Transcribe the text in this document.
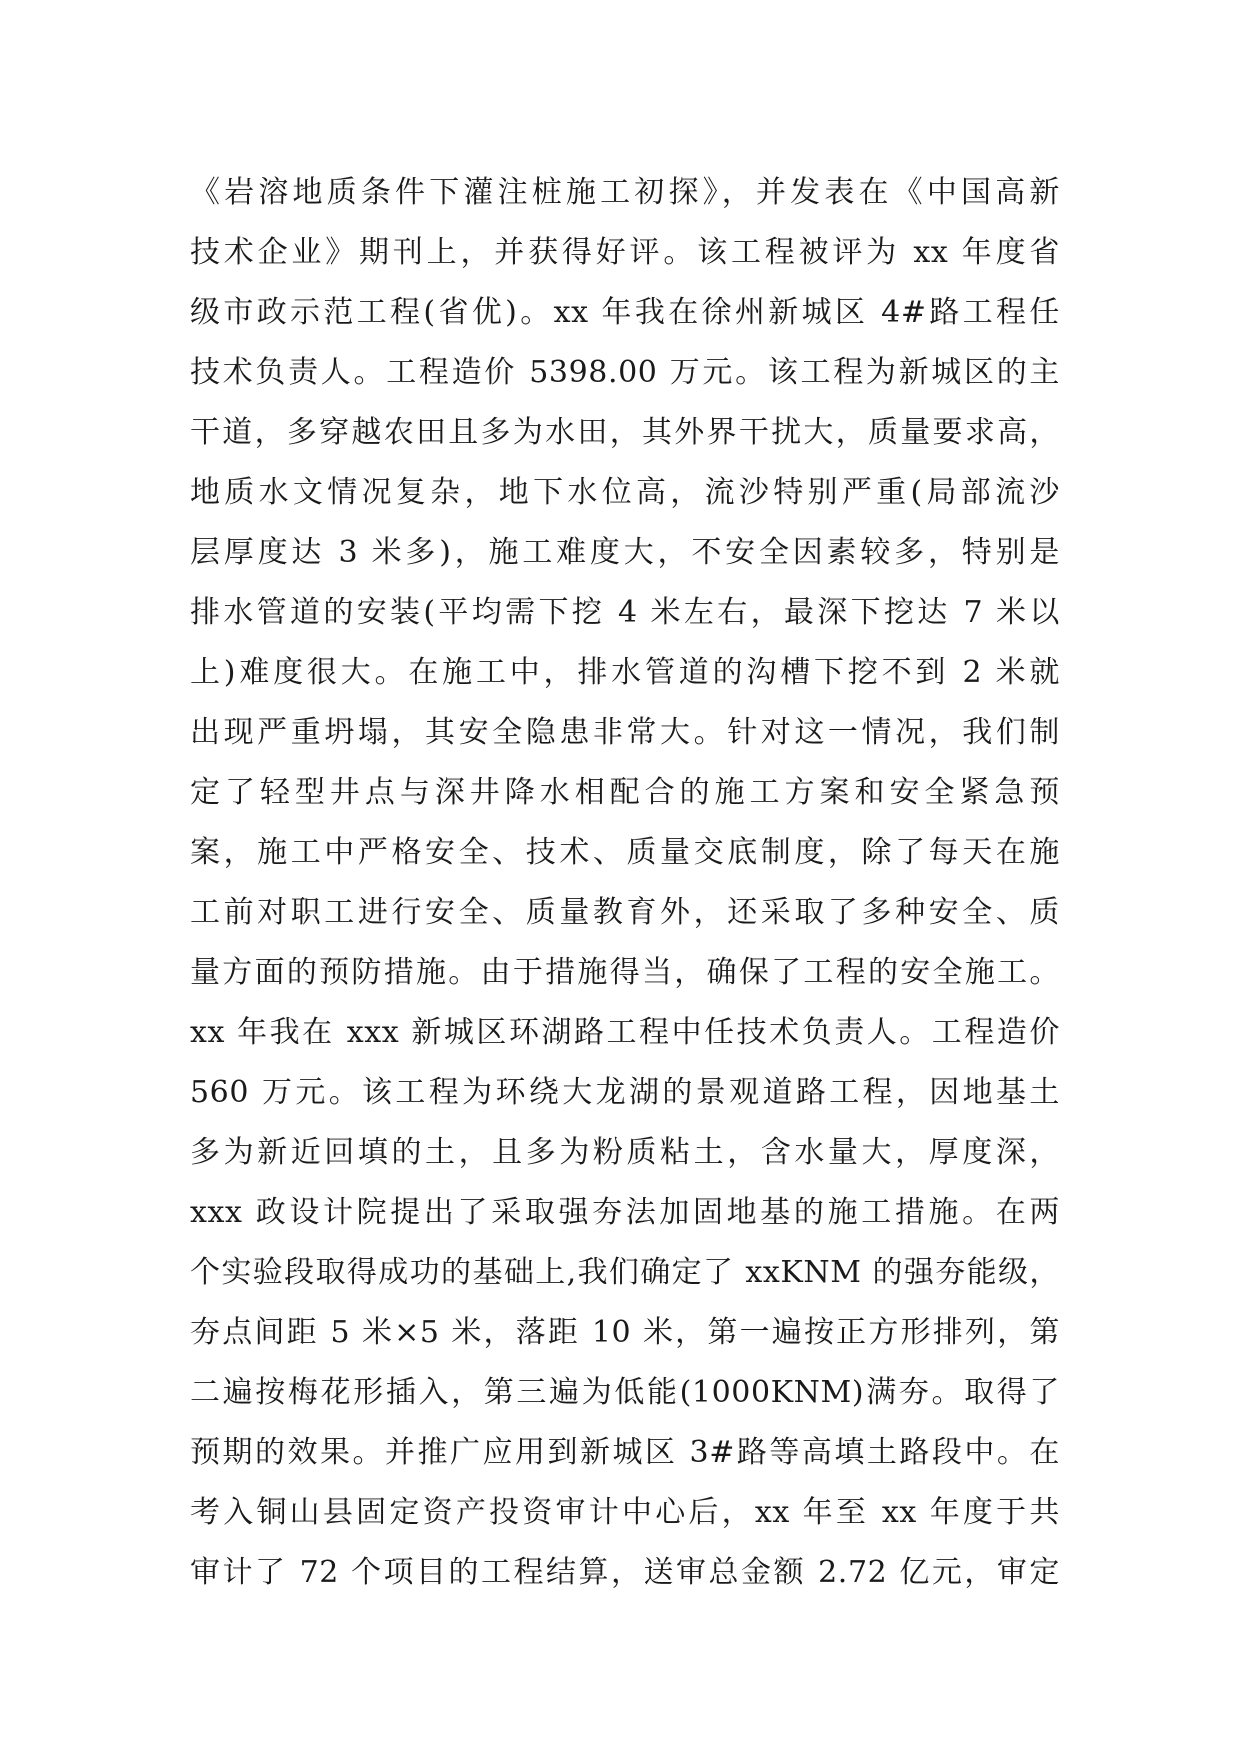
《岩溶地质条件下灌注桩施工初探》，并发表在《中国高新
技术企业》期刊上，并获得好评。该工程被评为 xx 年度省
级市政示范工程(省优)。xx 年我在徐州新城区 4#路工程任
技术负责人。工程造价 5398.00 万元。该工程为新城区的主
干道，多穿越农田且多为水田，其外界干扰大，质量要求高，
地质水文情况复杂，地下水位高，流沙特别严重(局部流沙
层厚度达 3 米多)，施工难度大，不安全因素较多，特别是
排水管道的安装(平均需下挖 4 米左右，最深下挖达 7 米以
上)难度很大。在施工中，排水管道的沟槽下挖不到 2 米就
出现严重坍塌，其安全隐患非常大。针对这一情况，我们制
定了轻型井点与深井降水相配合的施工方案和安全紧急预
案，施工中严格安全、技术、质量交底制度，除了每天在施
工前对职工进行安全、质量教育外，还采取了多种安全、质
量方面的预防措施。由于措施得当，确保了工程的安全施工。
xx 年我在 xxx 新城区环湖路工程中任技术负责人。工程造价
560 万元。该工程为环绕大龙湖的景观道路工程，因地基土
多为新近回填的土，且多为粉质粘土，含水量大，厚度深，
xxx 政设计院提出了采取强夯法加固地基的施工措施。在两
个实验段取得成功的基础上,我们确定了 xxKNM 的强夯能级，
夯点间距 5 米×5 米，落距 10 米，第一遍按正方形排列，第
二遍按梅花形插入，第三遍为低能(1000KNM)满夯。取得了
预期的效果。并推广应用到新城区 3#路等高填土路段中。在
考入铜山县固定资产投资审计中心后，xx 年至 xx 年度于共
审计了 72 个项目的工程结算，送审总金额 2.72 亿元，审定
